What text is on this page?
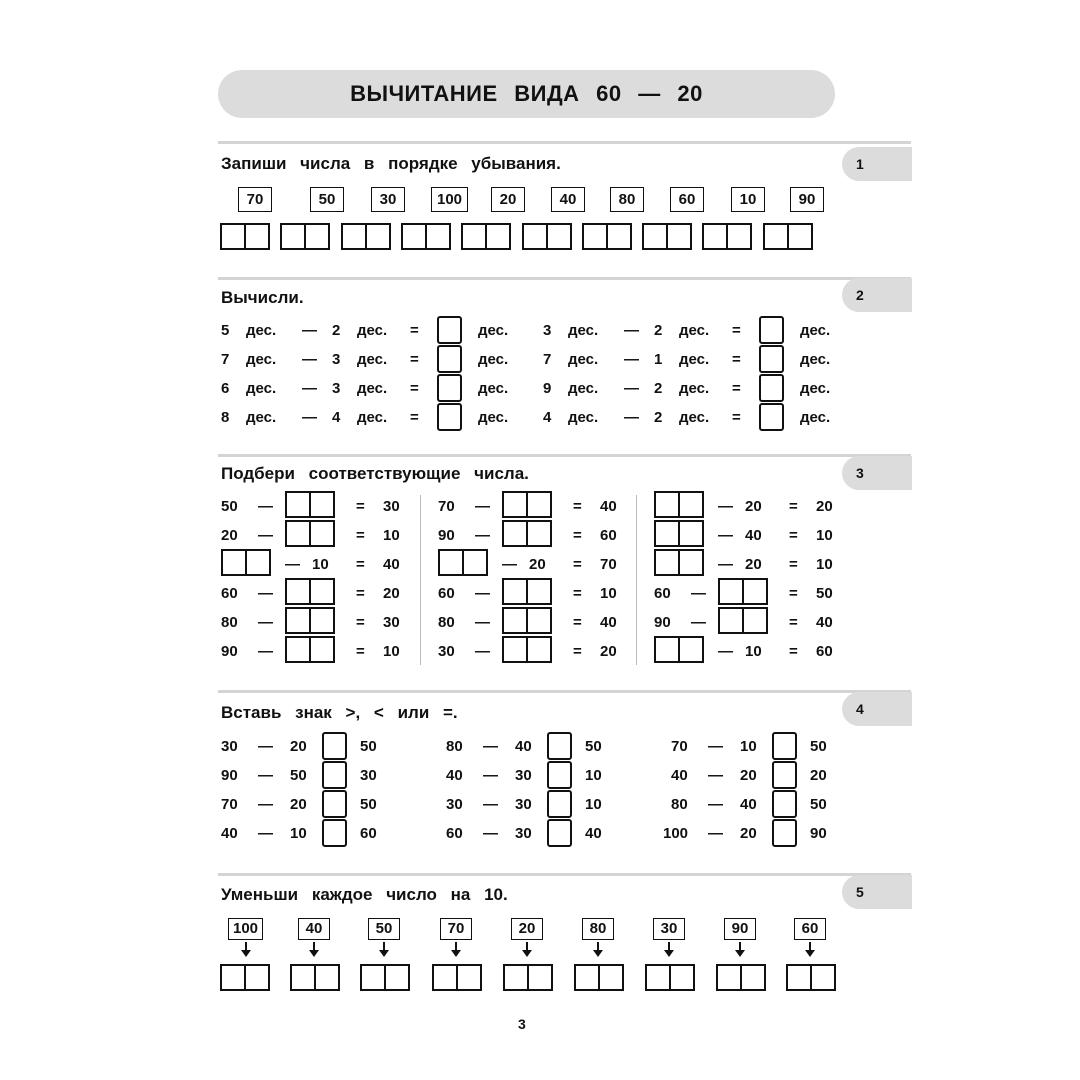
ВЫЧИТАНИЕ ВИДА 60 — 20
1
Запиши числа в порядке убывания.
2
Вычисли.
3
Подбери соответствующие числа.
4
Вставь знак >, < или =.
5
Уменьши каждое число на 10.
70	50	30	100	20	40	80	60	10	90
5 дес. — 2 дес. =	дес.
7 дес. — 3 дес. =	дес.
6 дес. — 3 дес. =	дес.
8 дес. — 4 дес. =	дес.
3 дес. — 2 дес. =	дес.
7 дес. — 1 дес. =	дес.
9 дес. — 2 дес. =	дес.
4 дес. — 2 дес. =	дес.
50 —	= 30
20 —	= 10
— 10 = 40
60 —	= 20
80 —	= 30
90 —	= 10
70 —	= 40
90 —	= 60
— 20 = 70
60 —	= 10
80 —	= 40
30 —	= 20
— 20 = 20
— 40 = 10
— 20 = 10
60 —	= 50
90 —	= 40
— 10 = 60
30 — 20	50
90 — 50	30
70 — 20	50
40 — 10	60
80 — 40	50
40 — 30	10
30 — 30	10
60 — 30	40
70 — 10	50
40 — 20	20
80 — 40	50
100 — 20	90
100	40	50	70	20	80	30	90	60
3
